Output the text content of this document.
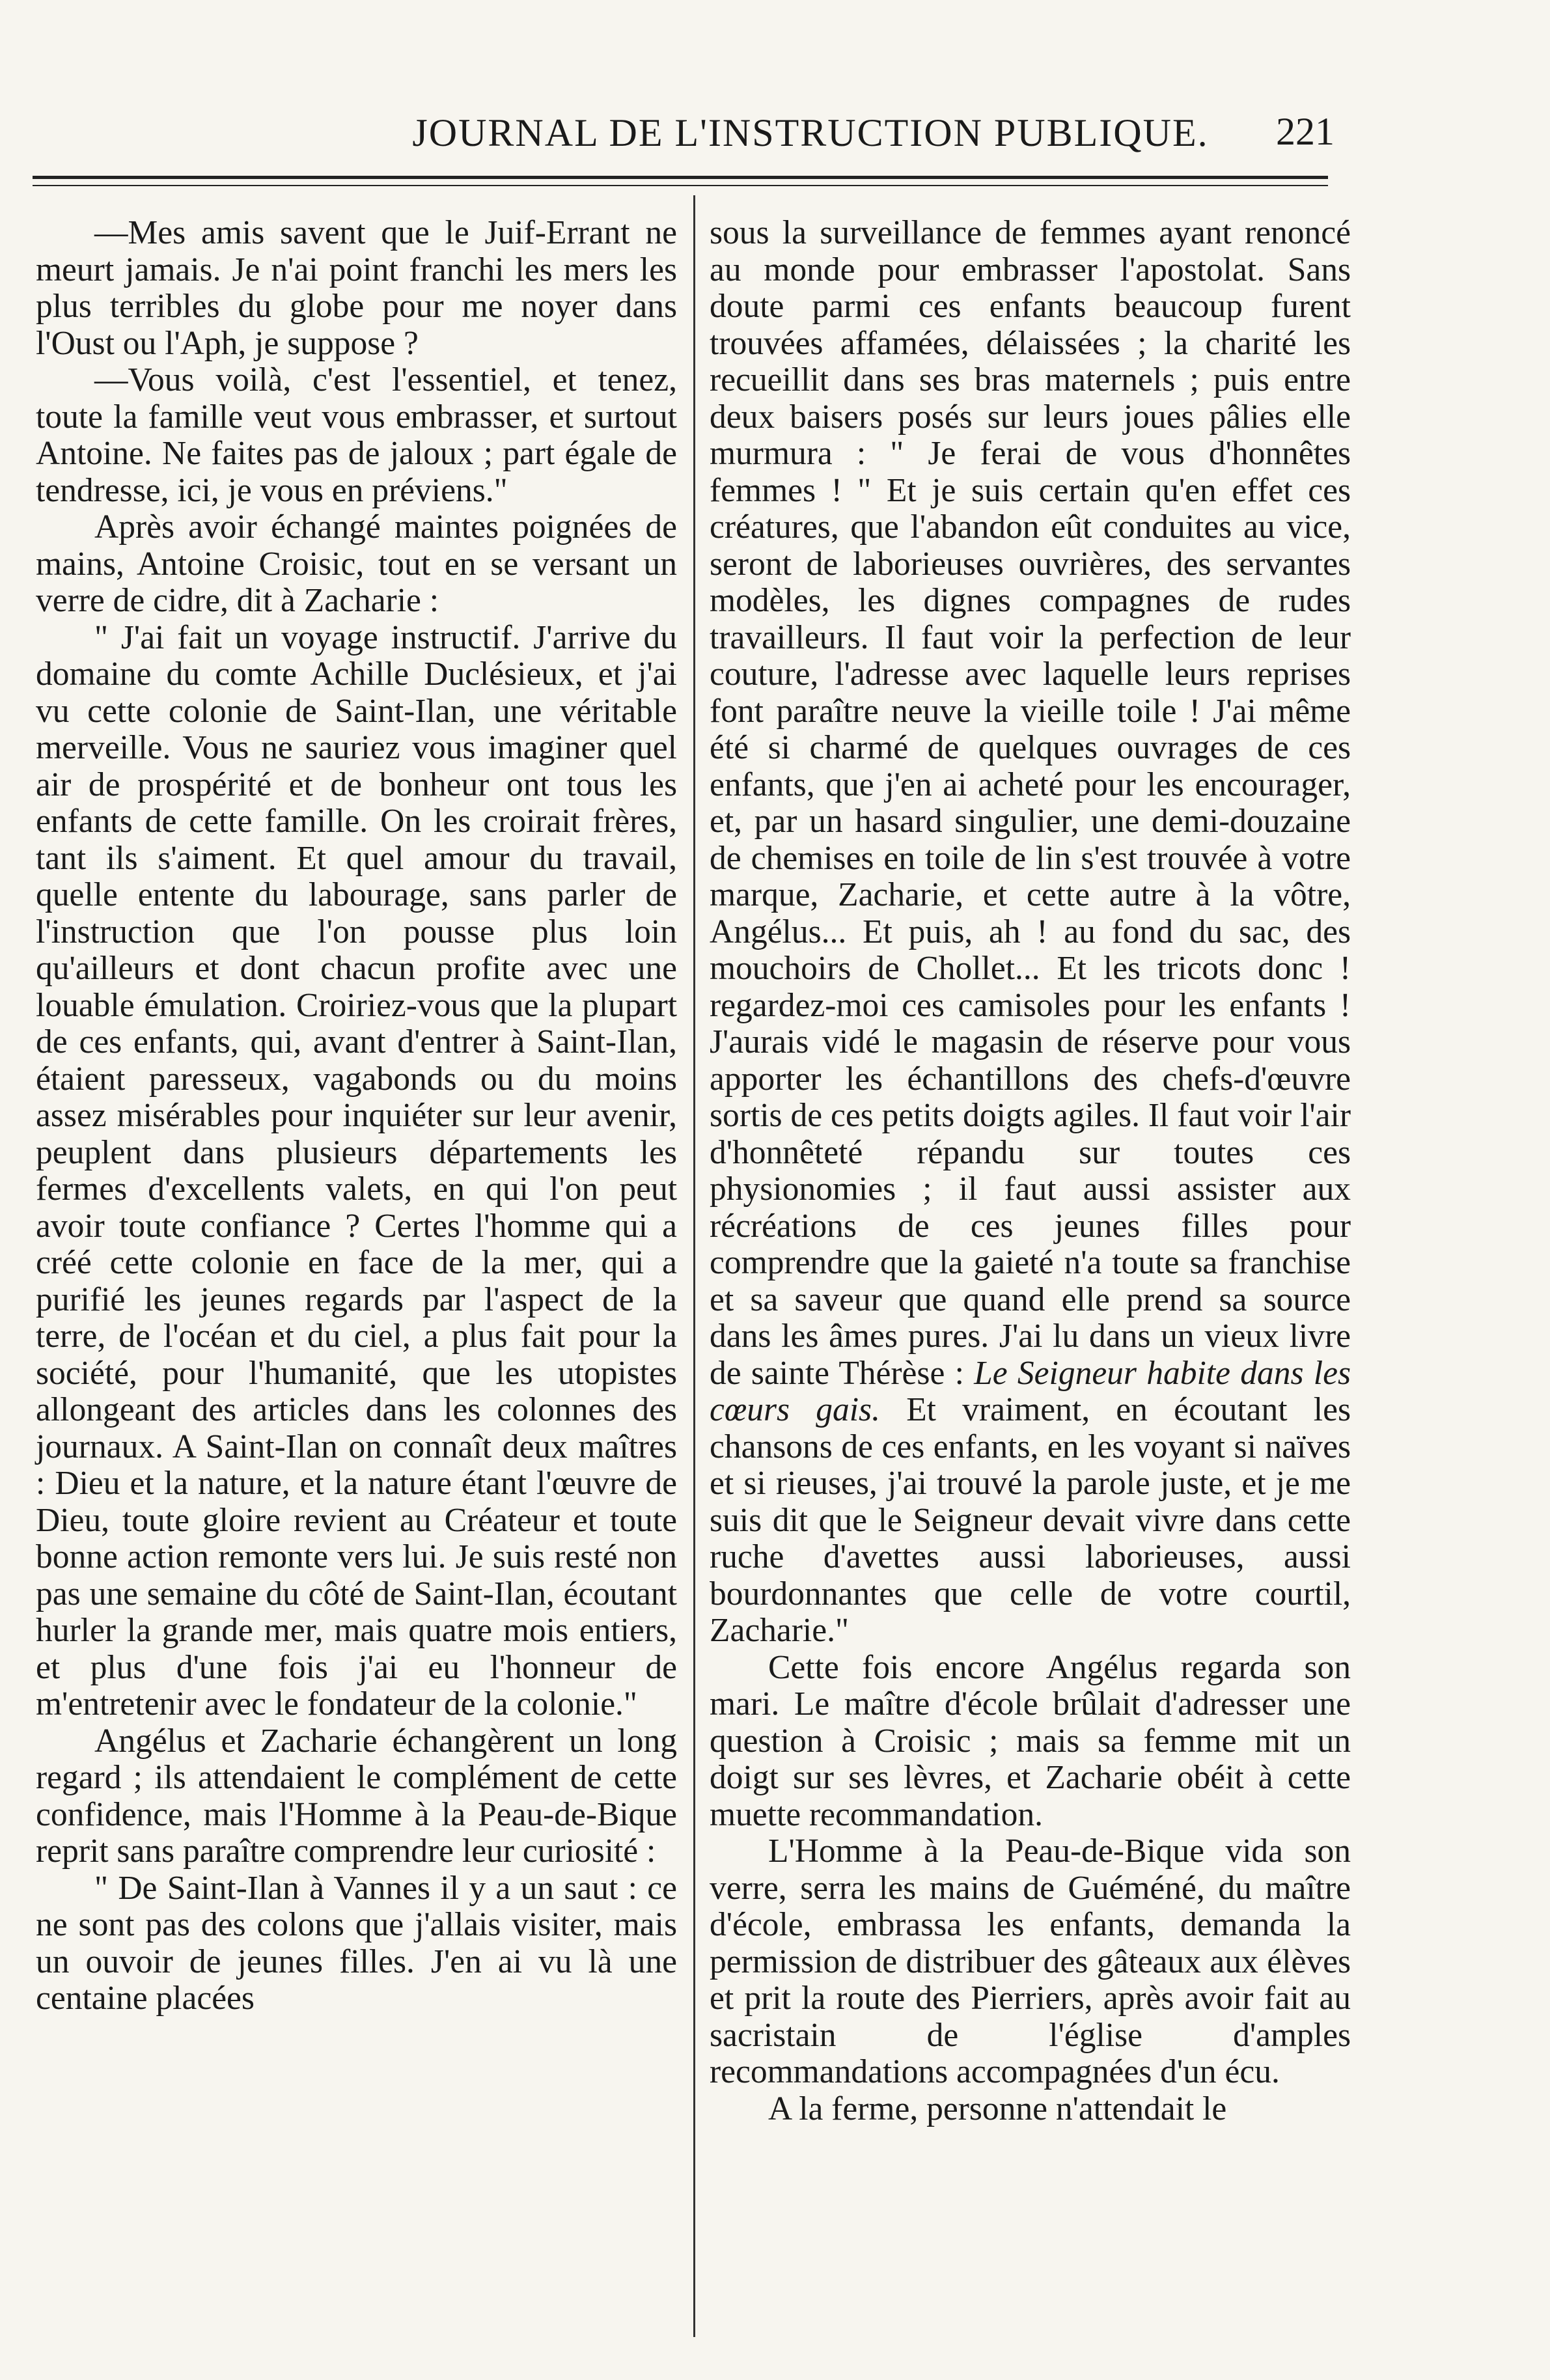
JOURNAL DE L'INSTRUCTION PUBLIQUE.	221

—Mes amis savent que le Juif-Errant ne meurt jamais. Je n'ai point franchi les mers les plus terribles du globe pour me noyer dans l'Oust ou l'Aph, je suppose ?

—Vous voilà, c'est l'essentiel, et tenez, toute la famille veut vous embrasser, et surtout Antoine. Ne faites pas de jaloux ; part égale de tendresse, ici, je vous en préviens."

Après avoir échangé maintes poignées de mains, Antoine Croisic, tout en se versant un verre de cidre, dit à Zacharie :

" J'ai fait un voyage instructif. J'arrive du domaine du comte Achille Duclésieux, et j'ai vu cette colonie de Saint-Ilan, une véritable merveille. Vous ne sauriez vous imaginer quel air de prospérité et de bonheur ont tous les enfants de cette famille. On les croirait frères, tant ils s'aiment. Et quel amour du travail, quelle entente du labourage, sans parler de l'instruction que l'on pousse plus loin qu'ailleurs et dont chacun profite avec une louable émulation. Croiriez-vous que la plupart de ces enfants, qui, avant d'entrer à Saint-Ilan, étaient paresseux, vagabonds ou du moins assez misérables pour inquiéter sur leur avenir, peuplent dans plusieurs départements les fermes d'excellents valets, en qui l'on peut avoir toute confiance ? Certes l'homme qui a créé cette colonie en face de la mer, qui a purifié les jeunes regards par l'aspect de la terre, de l'océan et du ciel, a plus fait pour la société, pour l'humanité, que les utopistes allongeant des articles dans les colonnes des journaux. A Saint-Ilan on connaît deux maîtres : Dieu et la nature, et la nature étant l'œuvre de Dieu, toute gloire revient au Créateur et toute bonne action remonte vers lui. Je suis resté non pas une semaine du côté de Saint-Ilan, écoutant hurler la grande mer, mais quatre mois entiers, et plus d'une fois j'ai eu l'honneur de m'entretenir avec le fondateur de la colonie."

Angélus et Zacharie échangèrent un long regard ; ils attendaient le complément de cette confidence, mais l'Homme à la Peau-de-Bique reprit sans paraître comprendre leur curiosité :

" De Saint-Ilan à Vannes il y a un saut : ce ne sont pas des colons que j'allais visiter, mais un ouvoir de jeunes filles. J'en ai vu là une centaine placées

sous la surveillance de femmes ayant renoncé au monde pour embrasser l'apostolat. Sans doute parmi ces enfants beaucoup furent trouvées affamées, délaissées ; la charité les recueillit dans ses bras maternels ; puis entre deux baisers posés sur leurs joues pâlies elle murmura : " Je ferai de vous d'honnêtes femmes ! " Et je suis certain qu'en effet ces créatures, que l'abandon eût conduites au vice, seront de laborieuses ouvrières, des servantes modèles, les dignes compagnes de rudes travailleurs. Il faut voir la perfection de leur couture, l'adresse avec laquelle leurs reprises font paraître neuve la vieille toile ! J'ai même été si charmé de quelques ouvrages de ces enfants, que j'en ai acheté pour les encourager, et, par un hasard singulier, une demi-douzaine de chemises en toile de lin s'est trouvée à votre marque, Zacharie, et cette autre à la vôtre, Angélus... Et puis, ah ! au fond du sac, des mouchoirs de Chollet... Et les tricots donc ! regardez-moi ces camisoles pour les enfants ! J'aurais vidé le magasin de réserve pour vous apporter les échantillons des chefs-d'œuvre sortis de ces petits doigts agiles. Il faut voir l'air d'honnêteté répandu sur toutes ces physionomies ; il faut aussi assister aux récréations de ces jeunes filles pour comprendre que la gaieté n'a toute sa franchise et sa saveur que quand elle prend sa source dans les âmes pures. J'ai lu dans un vieux livre de sainte Thérèse : Le Seigneur habite dans les cœurs gais. Et vraiment, en écoutant les chansons de ces enfants, en les voyant si naïves et si rieuses, j'ai trouvé la parole juste, et je me suis dit que le Seigneur devait vivre dans cette ruche d'avettes aussi laborieuses, aussi bourdonnantes que celle de votre courtil, Zacharie."

Cette fois encore Angélus regarda son mari. Le maître d'école brûlait d'adresser une question à Croisic ; mais sa femme mit un doigt sur ses lèvres, et Zacharie obéit à cette muette recommandation.

L'Homme à la Peau-de-Bique vida son verre, serra les mains de Guéméné, du maître d'école, embrassa les enfants, demanda la permission de distribuer des gâteaux aux élèves et prit la route des Pierriers, après avoir fait au sacristain de l'église d'amples recommandations accompagnées d'un écu.

A la ferme, personne n'attendait le
